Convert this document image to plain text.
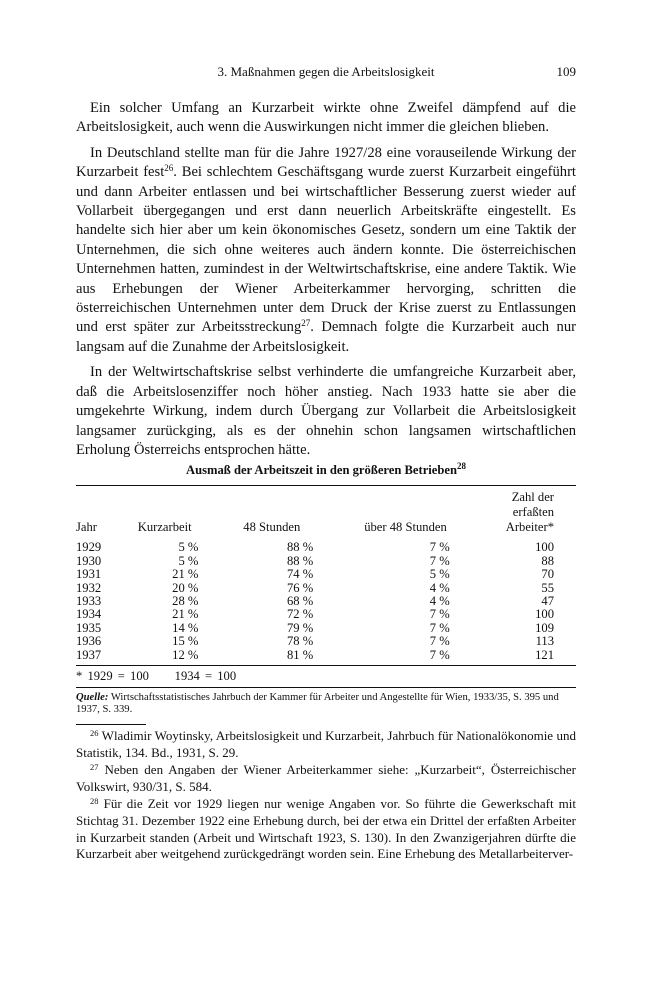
3. Maßnahmen gegen die Arbeitslosigkeit	109

Ein solcher Umfang an Kurzarbeit wirkte ohne Zweifel dämpfend auf die Arbeitslosigkeit, auch wenn die Auswirkungen nicht immer die gleichen blieben.

In Deutschland stellte man für die Jahre 1927/28 eine vorauseilende Wirkung der Kurzarbeit fest$^{26}$. Bei schlechtem Geschäftsgang wurde zuerst Kurzarbeit eingeführt und dann Arbeiter entlassen und bei wirtschaftlicher Besserung zuerst wieder auf Vollarbeit übergegangen und erst dann neuerlich Arbeitskräfte eingestellt. Es handelte sich hier aber um kein ökonomisches Gesetz, sondern um eine Taktik der Unternehmen, die sich ohne weiteres auch ändern konnte. Die österreichischen Unternehmen hatten, zumindest in der Weltwirtschaftskrise, eine andere Taktik. Wie aus Erhebungen der Wiener Arbeiterkammer hervorging, schritten die österreichischen Unternehmen unter dem Druck der Krise zuerst zu Entlassungen und erst später zur Arbeitsstreckung$^{27}$. Demnach folgte die Kurzarbeit auch nur langsam auf die Zunahme der Arbeitslosigkeit.

In der Weltwirtschaftskrise selbst verhinderte die umfangreiche Kurzarbeit aber, daß die Arbeitslosenziffer noch höher anstieg. Nach 1933 hatte sie aber die umgekehrte Wirkung, indem durch Übergang zur Vollarbeit die Arbeitslosigkeit langsamer zurückging, als es der ohnehin schon langsamen wirtschaftlichen Erholung Österreichs entsprochen hätte.

Ausmaß der Arbeitszeit in den größeren Betrieben$^{28}$
Jahr	Kurzarbeit	48 Stunden	über 48 Stunden	Zahl der
erfaßten
Arbeiter*

1929	5 %	88 %	7 %	100
1930	5 %	88 %	7 %	88
1931	21 %	74 %	5 %	70
1932	20 %	76 %	4 %	55
1933	28 %	68 %	4 %	47
1934	21 %	72 %	7 %	100
1935	14 %	79 %	7 %	109
1936	15 %	78 %	7 %	113
1937	12 %	81 %	7 %	121
* 1929 = 100     1934 = 100
Quelle: Wirtschaftsstatistisches Jahrbuch der Kammer für Arbeiter und Angestellte für Wien, 1933/35, S. 395 und 1937, S. 339.

$^{26}$ Wladimir Woytinsky, Arbeitslosigkeit und Kurzarbeit, Jahrbuch für Nationalökonomie und Statistik, 134. Bd., 1931, S. 29.

$^{27}$ Neben den Angaben der Wiener Arbeiterkammer siehe: „Kurzarbeit“, Österreichischer Volkswirt, 930/31, S. 584.

$^{28}$ Für die Zeit vor 1929 liegen nur wenige Angaben vor. So führte die Gewerkschaft mit Stichtag 31. Dezember 1922 eine Erhebung durch, bei der etwa ein Drittel der erfaßten Arbeiter in Kurzarbeit standen (Arbeit und Wirtschaft 1923, S. 130). In den Zwanzigerjahren dürfte die Kurzarbeit aber weitgehend zurückgedrängt worden sein. Eine Erhebung des Metallarbeiterver-
